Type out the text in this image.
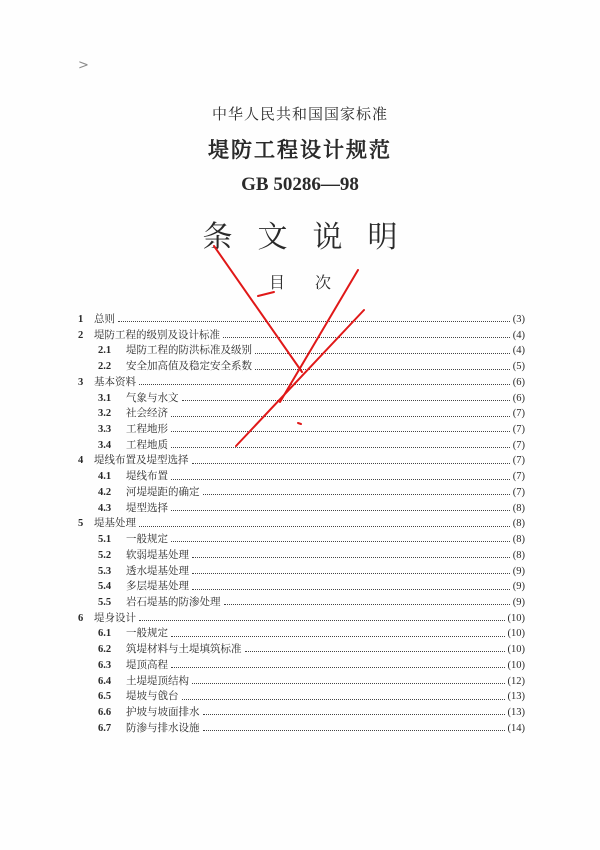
>
中华人民共和国国家标准
堤防工程设计规范
GB 50286—98
条文说明
目次
1	总则	(3)
2	堤防工程的级别及设计标准	(4)
2.1	堤防工程的防洪标准及级别	(4)
2.2	安全加高值及稳定安全系数	(5)
3	基本资料	(6)
3.1	气象与水文	(6)
3.2	社会经济	(7)
3.3	工程地形	(7)
3.4	工程地质	(7)
4	堤线布置及堤型选择	(7)
4.1	堤线布置	(7)
4.2	河堤堤距的确定	(7)
4.3	堤型选择	(8)
5	堤基处理	(8)
5.1	一般规定	(8)
5.2	软弱堤基处理	(8)
5.3	透水堤基处理	(9)
5.4	多层堤基处理	(9)
5.5	岩石堤基的防渗处理	(9)
6	堤身设计	(10)
6.1	一般规定	(10)
6.2	筑堤材料与土堤填筑标准	(10)
6.3	堤顶高程	(10)
6.4	土堤堤顶结构	(12)
6.5	堤坡与戗台	(13)
6.6	护坡与坡面排水	(13)
6.7	防渗与排水设施	(14)
